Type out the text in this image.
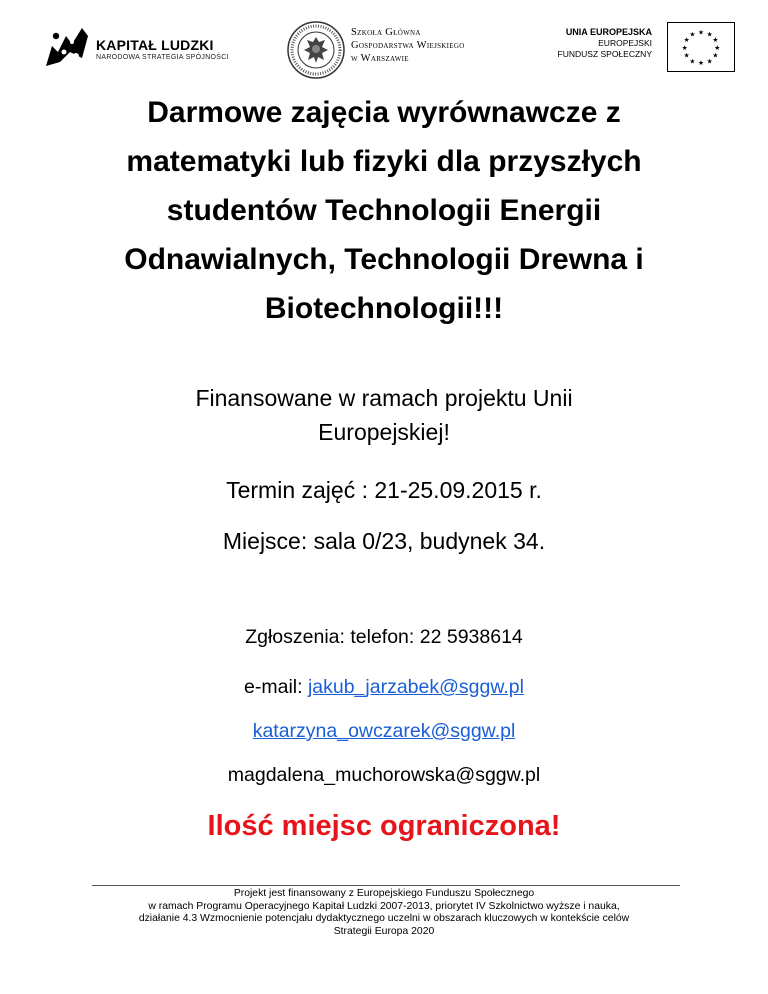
KAPITAŁ LUDZKI
NARODOWA STRATEGIA SPÓJNOŚCI
Szkoła Główna
Gospodarstwa Wiejskiego
w Warszawie
UNIA EUROPEJSKA
EUROPEJSKI
FUNDUSZ SPOŁECZNY
★ ★
★
★
★
★
★
★
★
★
★
★
Darmowe zajęcia wyrównawcze z
matematyki lub fizyki dla przyszłych
studentów Technologii Energii
Odnawialnych, Technologii Drewna i
Biotechnologii!!!
Finansowane w ramach projektu Unii
Europejskiej!
Termin zajęć : 21-25.09.2015 r.
Miejsce: sala 0/23, budynek 34.
Zgłoszenia: telefon: 22 5938614
e-mail: jakub_jarzabek@sggw.pl
katarzyna_owczarek@sggw.pl
magdalena_muchorowska@sggw.pl
Ilość miejsc ograniczona!
Projekt jest finansowany z Europejskiego Funduszu Społecznego
w ramach Programu Operacyjnego Kapitał Ludzki 2007-2013, priorytet IV Szkolnictwo wyższe i nauka,
działanie 4.3 Wzmocnienie potencjału dydaktycznego uczelni w obszarach kluczowych w kontekście celów
Strategii Europa 2020
